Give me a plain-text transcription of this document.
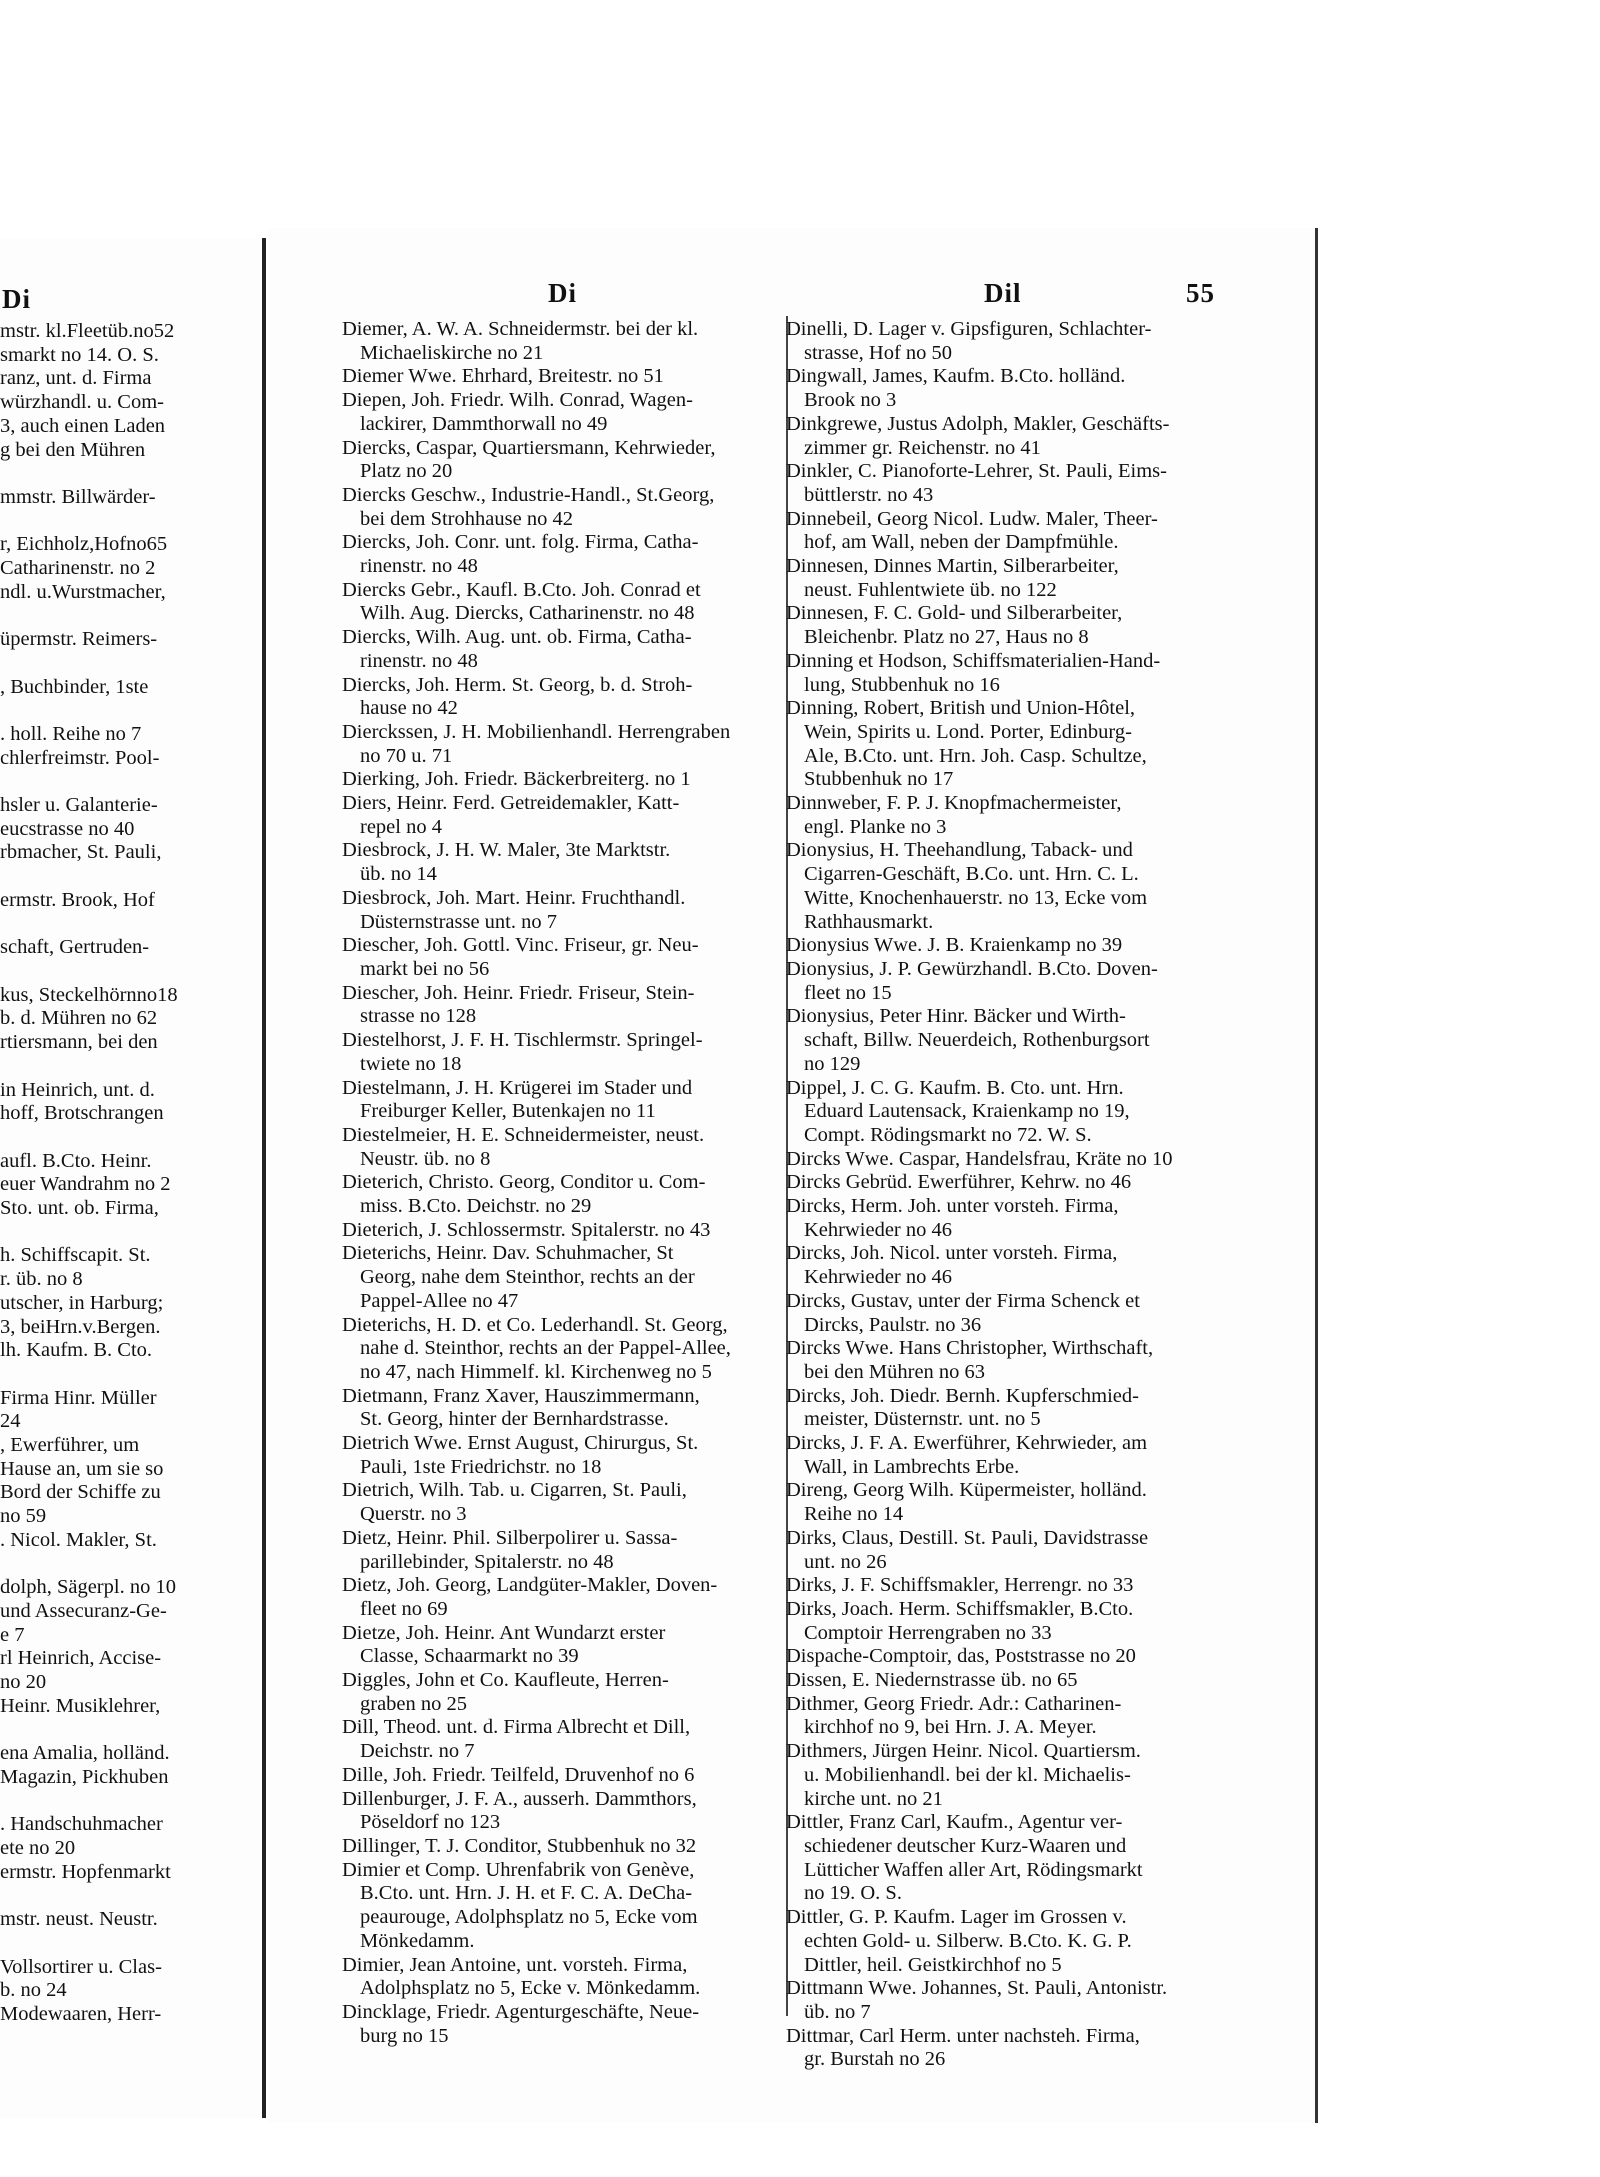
Di
mstr. kl.Fleetüb.no52
smarkt no 14. O. S.
ranz, unt. d. Firma
würzhandl. u. Com-
3, auch einen Laden
g bei den Mühren

mmstr. Billwärder-

r, Eichholz,Hofno65
Catharinenstr. no 2
ndl. u.Wurstmacher,

üpermstr. Reimers-

, Buchbinder, 1ste

. holl. Reihe no 7
chlerfreimstr. Pool-

hsler u. Galanterie-
eucstrasse no 40
rbmacher, St. Pauli,

ermstr. Brook, Hof

schaft, Gertruden-

kus, Steckelhörnno18
b. d. Mühren no 62
rtiersmann, bei den

in Heinrich, unt. d.
hoff, Brotschrangen

aufl. B.Cto. Heinr.
euer Wandrahm no 2
Sto. unt. ob. Firma,

h. Schiffscapit. St.
r. üb. no 8
utscher, in Harburg;
3, beiHrn.v.Bergen.
lh. Kaufm. B. Cto.

Firma Hinr. Müller
24
, Ewerführer, um
Hause an, um sie so
Bord der Schiffe zu
no 59
. Nicol. Makler, St.

dolph, Sägerpl. no 10
und Assecuranz-Ge-
e 7
rl Heinrich, Accise-
no 20
Heinr. Musiklehrer,

ena Amalia, holländ.
Magazin, Pickhuben

. Handschuhmacher
ete no 20
ermstr. Hopfenmarkt

mstr. neust. Neustr.

Vollsortirer u. Clas-
b. no 24
Modewaaren, Herr-
Di	Dil	55
Diemer, A. W. A. Schneidermstr. bei der kl.
Michaeliskirche no 21
Diemer Wwe. Ehrhard, Breitestr. no 51
Diepen, Joh. Friedr. Wilh. Conrad, Wagen-
lackirer, Dammthorwall no 49
Diercks, Caspar, Quartiersmann, Kehrwieder,
Platz no 20
Diercks Geschw., Industrie-Handl., St.Georg,
bei dem Strohhause no 42
Diercks, Joh. Conr. unt. folg. Firma, Catha-
rinenstr. no 48
Diercks Gebr., Kaufl. B.Cto. Joh. Conrad et
Wilh. Aug. Diercks, Catharinenstr. no 48
Diercks, Wilh. Aug. unt. ob. Firma, Catha-
rinenstr. no 48
Diercks, Joh. Herm. St. Georg, b. d. Stroh-
hause no 42
Dierckssen, J. H. Mobilienhandl. Herrengraben
no 70 u. 71
Dierking, Joh. Friedr. Bäckerbreiterg. no 1
Diers, Heinr. Ferd. Getreidemakler, Katt-
repel no 4
Diesbrock, J. H. W. Maler, 3te Marktstr.
üb. no 14
Diesbrock, Joh. Mart. Heinr. Fruchthandl.
Düsternstrasse unt. no 7
Diescher, Joh. Gottl. Vinc. Friseur, gr. Neu-
markt bei no 56
Diescher, Joh. Heinr. Friedr. Friseur, Stein-
strasse no 128
Diestelhorst, J. F. H. Tischlermstr. Springel-
twiete no 18
Diestelmann, J. H. Krügerei im Stader und
Freiburger Keller, Butenkajen no 11
Diestelmeier, H. E. Schneidermeister, neust.
Neustr. üb. no 8
Dieterich, Christo. Georg, Conditor u. Com-
miss. B.Cto. Deichstr. no 29
Dieterich, J. Schlossermstr. Spitalerstr. no 43
Dieterichs, Heinr. Dav. Schuhmacher, St
Georg, nahe dem Steinthor, rechts an der
Pappel-Allee no 47
Dieterichs, H. D. et Co. Lederhandl. St. Georg,
nahe d. Steinthor, rechts an der Pappel-Allee,
no 47, nach Himmelf. kl. Kirchenweg no 5
Dietmann, Franz Xaver, Hauszimmermann,
St. Georg, hinter der Bernhardstrasse.
Dietrich Wwe. Ernst August, Chirurgus, St.
Pauli, 1ste Friedrichstr. no 18
Dietrich, Wilh. Tab. u. Cigarren, St. Pauli,
Querstr. no 3
Dietz, Heinr. Phil. Silberpolirer u. Sassa-
parillebinder, Spitalerstr. no 48
Dietz, Joh. Georg, Landgüter-Makler, Doven-
fleet no 69
Dietze, Joh. Heinr. Ant Wundarzt erster
Classe, Schaarmarkt no 39
Diggles, John et Co. Kaufleute, Herren-
graben no 25
Dill, Theod. unt. d. Firma Albrecht et Dill,
Deichstr. no 7
Dille, Joh. Friedr. Teilfeld, Druvenhof no 6
Dillenburger, J. F. A., ausserh. Dammthors,
Pöseldorf no 123
Dillinger, T. J. Conditor, Stubbenhuk no 32
Dimier et Comp. Uhrenfabrik von Genève,
B.Cto. unt. Hrn. J. H. et F. C. A. DeCha-
peaurouge, Adolphsplatz no 5, Ecke vom
Mönkedamm.
Dimier, Jean Antoine, unt. vorsteh. Firma,
Adolphsplatz no 5, Ecke v. Mönkedamm.
Dincklage, Friedr. Agenturgeschäfte, Neue-
burg no 15
Dinelli, D. Lager v. Gipsfiguren, Schlachter-
strasse, Hof no 50
Dingwall, James, Kaufm. B.Cto. holländ.
Brook no 3
Dinkgrewe, Justus Adolph, Makler, Geschäfts-
zimmer gr. Reichenstr. no 41
Dinkler, C. Pianoforte-Lehrer, St. Pauli, Eims-
büttlerstr. no 43
Dinnebeil, Georg Nicol. Ludw. Maler, Theer-
hof, am Wall, neben der Dampfmühle.
Dinnesen, Dinnes Martin, Silberarbeiter,
neust. Fuhlentwiete üb. no 122
Dinnesen, F. C. Gold- und Silberarbeiter,
Bleichenbr. Platz no 27, Haus no 8
Dinning et Hodson, Schiffsmaterialien-Hand-
lung, Stubbenhuk no 16
Dinning, Robert, British und Union-Hôtel,
Wein, Spirits u. Lond. Porter, Edinburg-
Ale, B.Cto. unt. Hrn. Joh. Casp. Schultze,
Stubbenhuk no 17
Dinnweber, F. P. J. Knopfmachermeister,
engl. Planke no 3
Dionysius, H. Theehandlung, Taback- und
Cigarren-Geschäft, B.Co. unt. Hrn. C. L.
Witte, Knochenhauerstr. no 13, Ecke vom
Rathhausmarkt.
Dionysius Wwe. J. B. Kraienkamp no 39
Dionysius, J. P. Gewürzhandl. B.Cto. Doven-
fleet no 15
Dionysius, Peter Hinr. Bäcker und Wirth-
schaft, Billw. Neuerdeich, Rothenburgsort
no 129
Dippel, J. C. G. Kaufm. B. Cto. unt. Hrn.
Eduard Lautensack, Kraienkamp no 19,
Compt. Rödingsmarkt no 72. W. S.
Dircks Wwe. Caspar, Handelsfrau, Kräte no 10
Dircks Gebrüd. Ewerführer, Kehrw. no 46
Dircks, Herm. Joh. unter vorsteh. Firma,
Kehrwieder no 46
Dircks, Joh. Nicol. unter vorsteh. Firma,
Kehrwieder no 46
Dircks, Gustav, unter der Firma Schenck et
Dircks, Paulstr. no 36
Dircks Wwe. Hans Christopher, Wirthschaft,
bei den Mühren no 63
Dircks, Joh. Diedr. Bernh. Kupferschmied-
meister, Düsternstr. unt. no 5
Dircks, J. F. A. Ewerführer, Kehrwieder, am
Wall, in Lambrechts Erbe.
Direng, Georg Wilh. Küpermeister, holländ.
Reihe no 14
Dirks, Claus, Destill. St. Pauli, Davidstrasse
unt. no 26
Dirks, J. F. Schiffsmakler, Herrengr. no 33
Dirks, Joach. Herm. Schiffsmakler, B.Cto.
Comptoir Herrengraben no 33
Dispache-Comptoir, das, Poststrasse no 20
Dissen, E. Niedernstrasse üb. no 65
Dithmer, Georg Friedr. Adr.: Catharinen-
kirchhof no 9, bei Hrn. J. A. Meyer.
Dithmers, Jürgen Heinr. Nicol. Quartiersm.
u. Mobilienhandl. bei der kl. Michaelis-
kirche unt. no 21
Dittler, Franz Carl, Kaufm., Agentur ver-
schiedener deutscher Kurz-Waaren und
Lütticher Waffen aller Art, Rödingsmarkt
no 19. O. S.
Dittler, G. P. Kaufm. Lager im Grossen v.
echten Gold- u. Silberw. B.Cto. K. G. P.
Dittler, heil. Geistkirchhof no 5
Dittmann Wwe. Johannes, St. Pauli, Antonistr.
üb. no 7
Dittmar, Carl Herm. unter nachsteh. Firma,
gr. Burstah no 26
